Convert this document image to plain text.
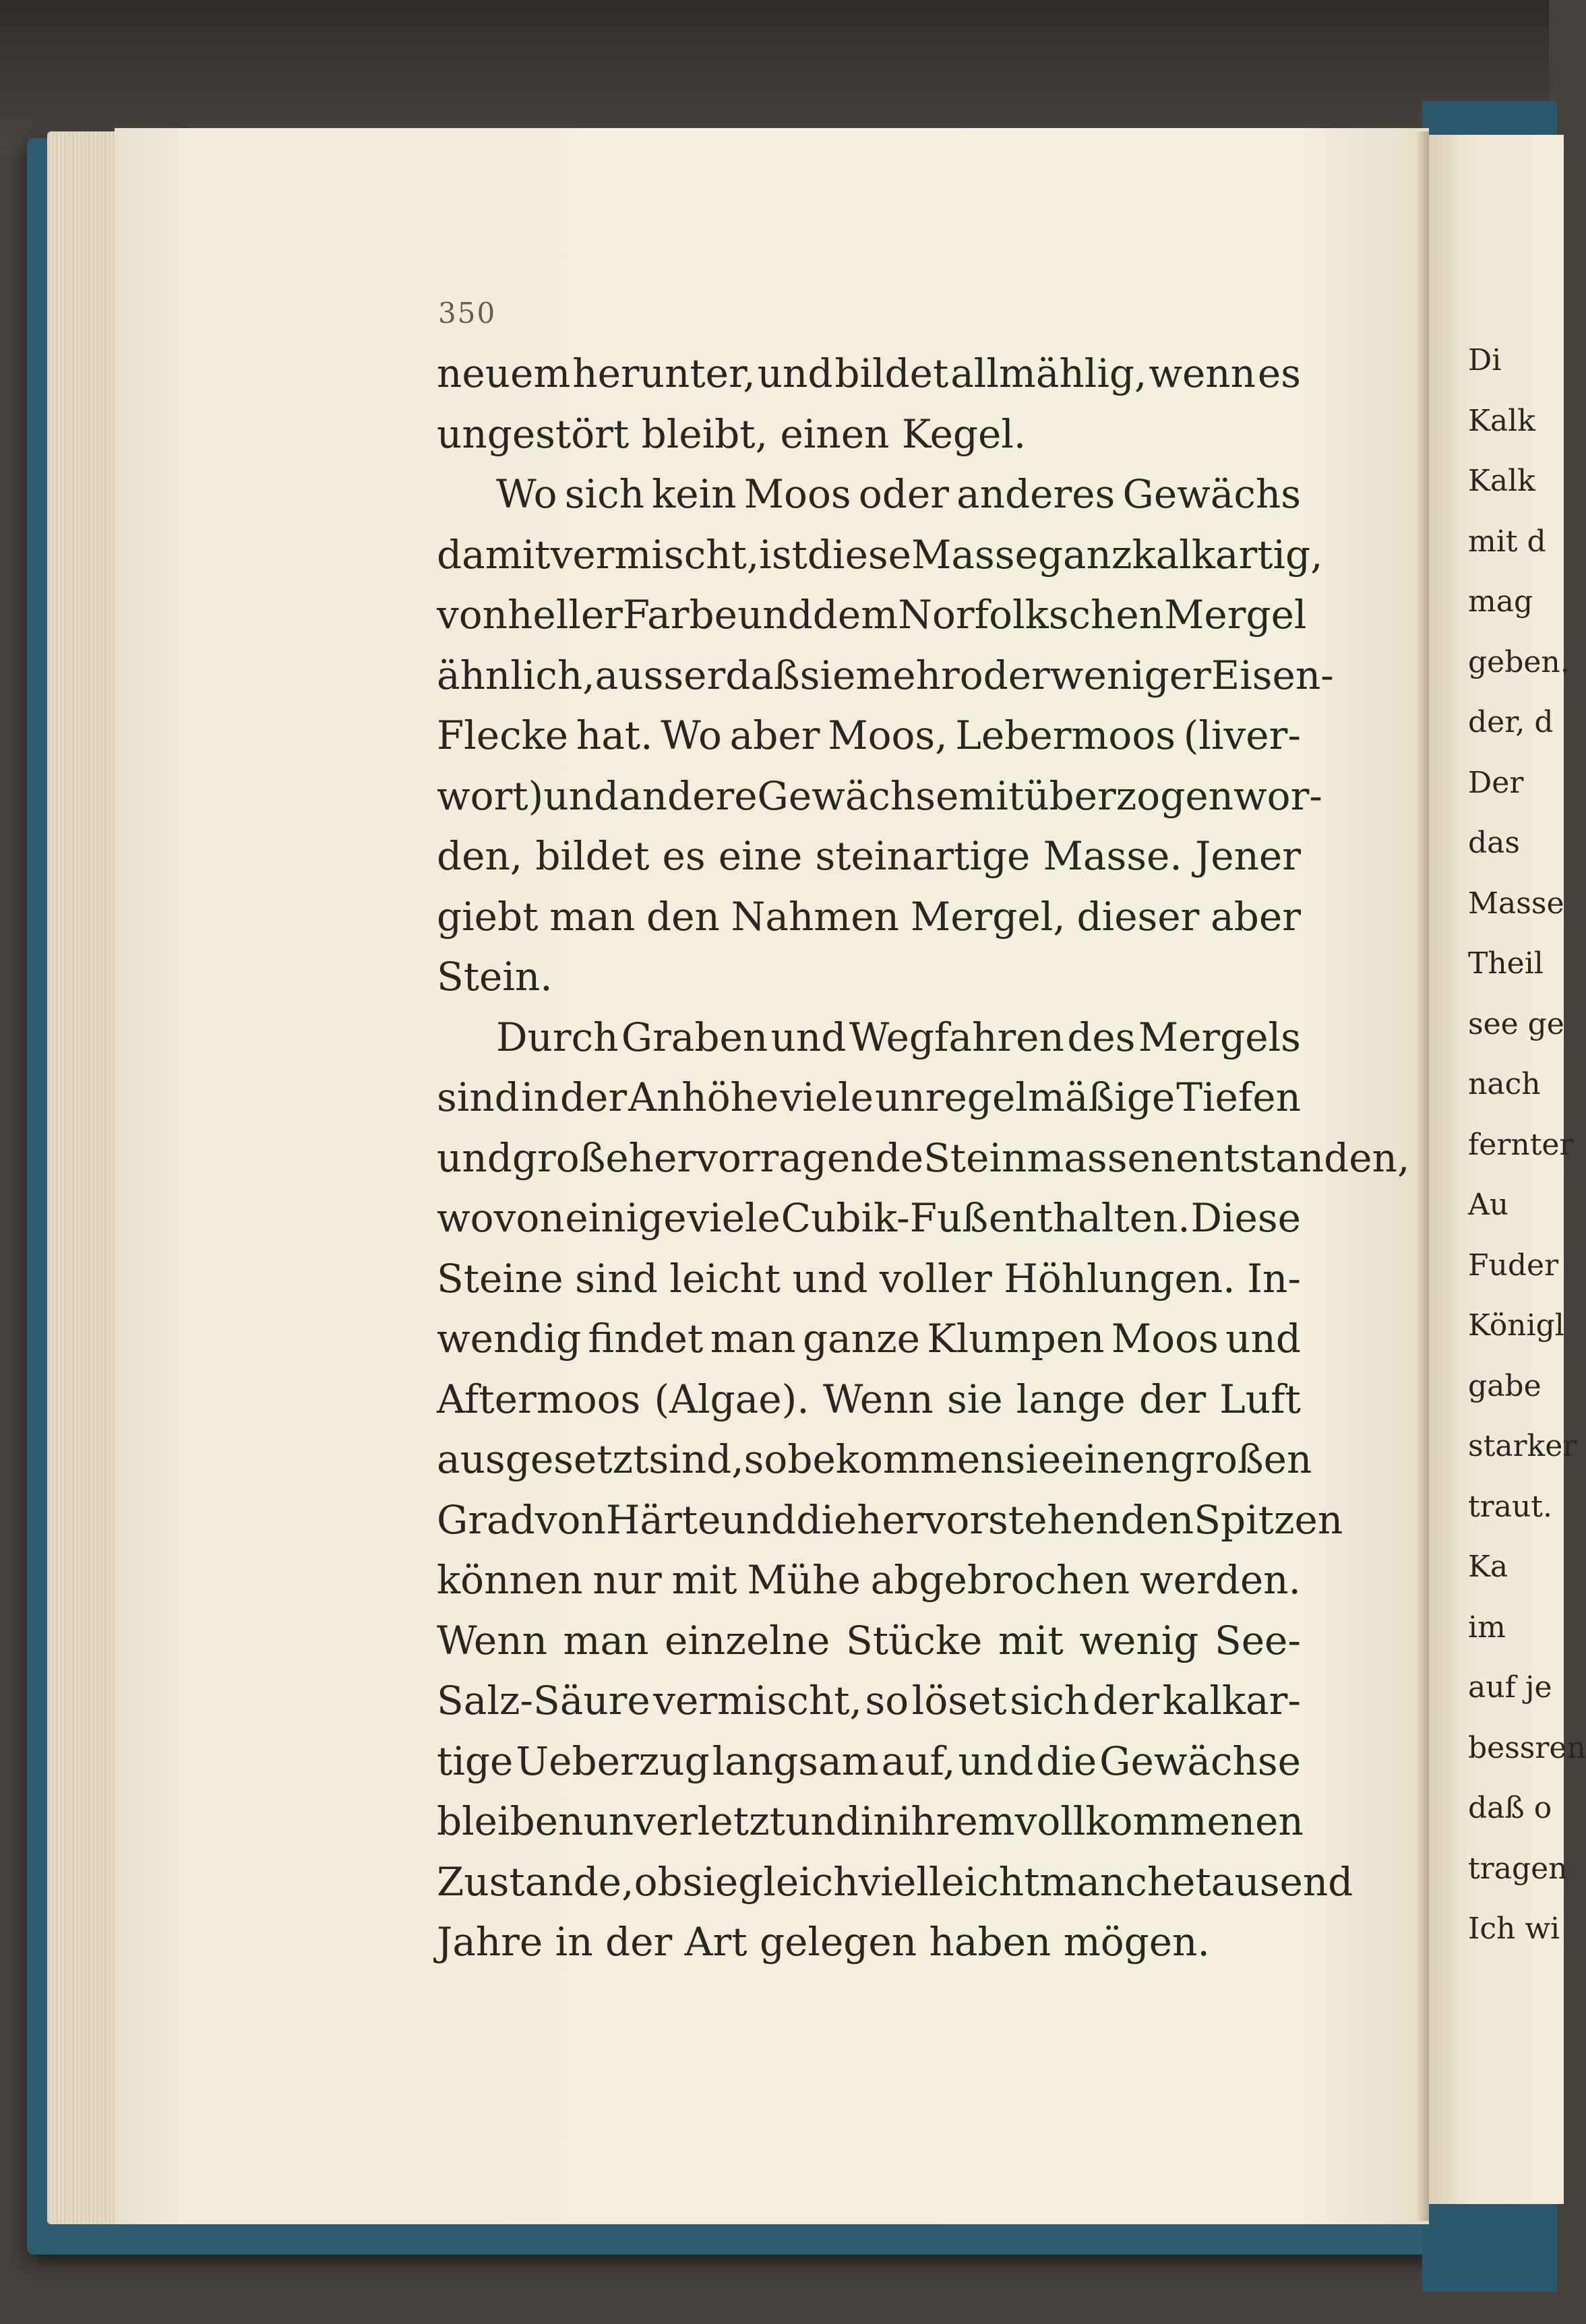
350
neuem herunter, und bildet allmählig, wenn es
ungestört bleibt, einen Kegel.
Wo sich kein Moos oder anderes Gewächs
damit vermischt, ist diese Masse ganz kalkartig,
von heller Farbe und dem Norfolkschen Mergel
ähnlich, ausser daß sie mehr oder weniger Eisen-
Flecke hat. Wo aber Moos, Lebermoos (liver-
wort) und andere Gewächse mit überzogen wor-
den, bildet es eine steinartige Masse. Jener
giebt man den Nahmen Mergel, dieser aber
Stein.
Durch Graben und Wegfahren des Mergels
sind in der Anhöhe viele unregelmäßige Tiefen
und große hervorragende Steinmassen entstanden,
wovon einige viele Cubik-Fuß enthalten. Diese
Steine sind leicht und voller Höhlungen. In-
wendig findet man ganze Klumpen Moos und
Aftermoos (Algae). Wenn sie lange der Luft
ausgesetzt sind, so bekommen sie einen großen
Grad von Härte und die hervorstehenden Spitzen
können nur mit Mühe abgebrochen werden.
Wenn man einzelne Stücke mit wenig See-
Salz-Säure vermischt, so löset sich der kalkar-
tige Ueberzug langsam auf, und die Gewächse
bleiben unverletzt und in ihrem vollkommenen
Zustande, ob sie gleich vielleicht manche tausend
Jahre in der Art gelegen haben mögen.
Di
Kalk
Kalk
mit d
mag
geben.
der, d
Der
das
Masse
Theil
see ge
nach
fernter
Au
Fuder
Königl
gabe
starker
traut.
Ka
im
auf je
bessren
daß o
tragen
Ich wi
